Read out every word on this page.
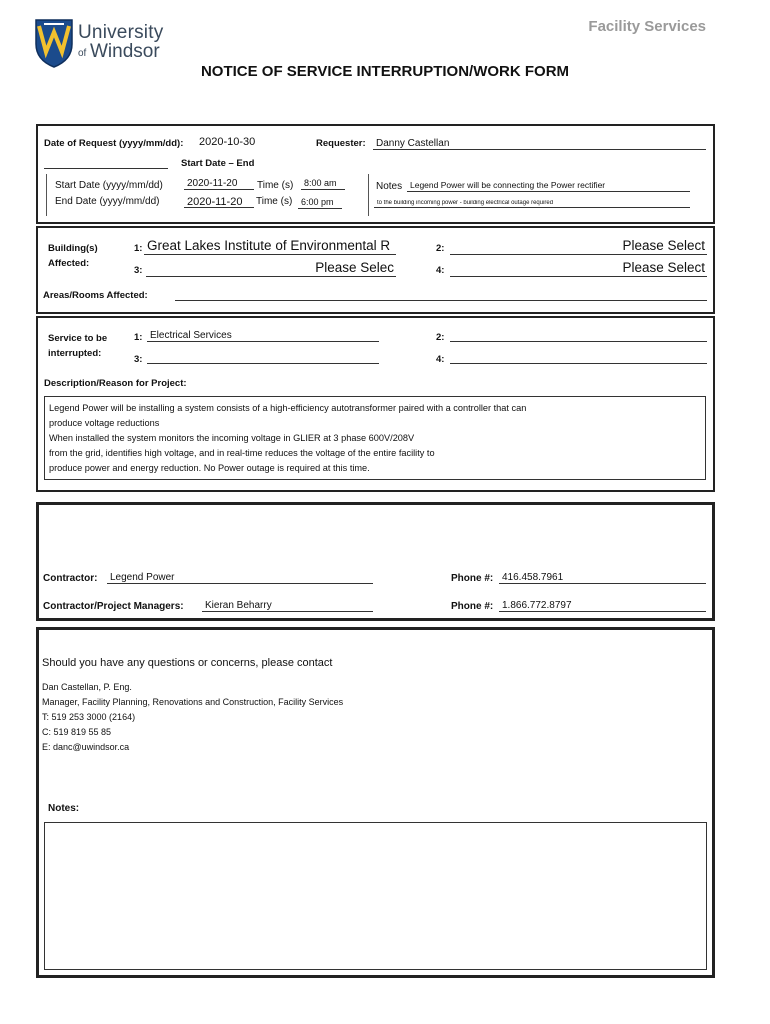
University
of Windsor
Facility Services
NOTICE OF SERVICE INTERRUPTION/WORK FORM
Date of Request (yyyy/mm/dd): 2020-10-30	Requester:	Danny Castellan
Start Date – End
Start Date (yyyy/mm/dd)	2020-11-20	Time (s)	8:00 am
End Date (yyyy/mm/dd)	2020-11-20	Time (s) 6:00 pm
Notes Legend Power will be connecting the Power rectifier
to the building incoming power - building electrical outage required
Building(s)
Affected:
1: Great Lakes Institute of Environmental R	2:	Please Select
3:	Please Selec	4:	Please Select
Areas/Rooms Affected:
Service to be
interrupted:
1: Electrical Services	2:
3:	4:
Description/Reason for Project:
Legend Power will be installing a system consists of a high-efficiency autotransformer paired with a controller that can
produce voltage reductions
When installed the system monitors the incoming voltage in GLIER at 3 phase 600V/208V
from the grid, identifies high voltage, and in real-time reduces the voltage of the entire facility to
produce power and energy reduction. No Power outage is required at this time.
Contractor:	Legend Power	Phone #: 416.458.7961
Contractor/Project Managers:	Kieran Beharry	Phone #: 1.866.772.8797
Should you have any questions or concerns, please contact
Dan Castellan, P. Eng.
Manager, Facility Planning, Renovations and Construction, Facility Services
T: 519 253 3000 (2164)
C: 519 819 55 85
E: danc@uwindsor.ca
Notes:
